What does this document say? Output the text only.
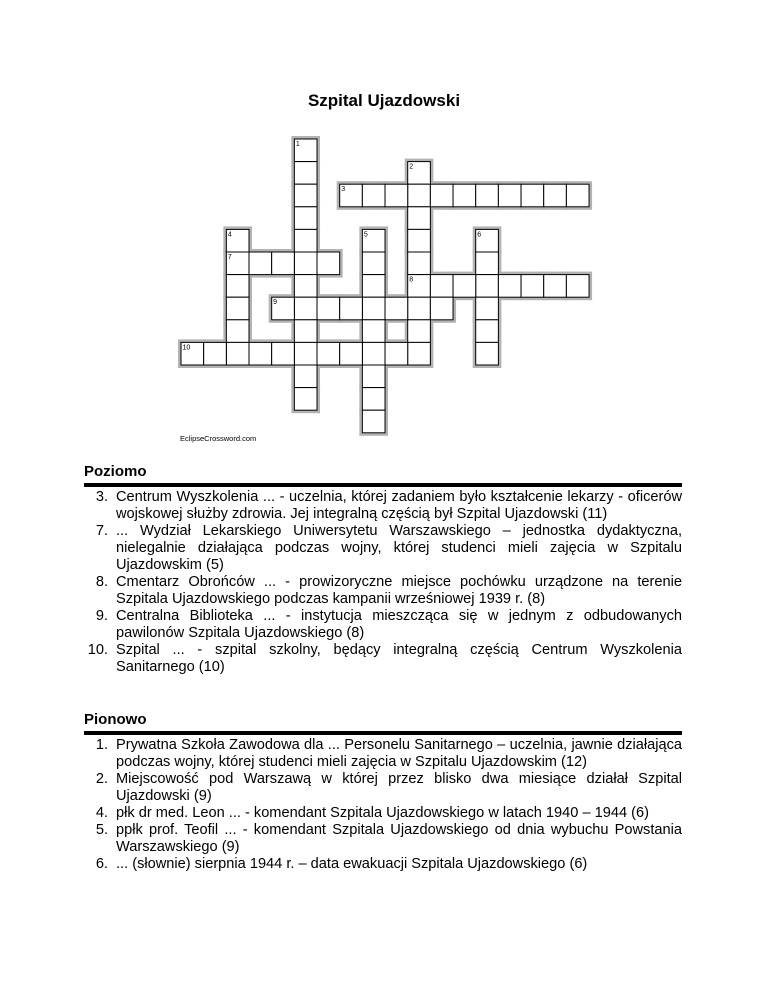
Szpital Ujazdowski
1
2
3
4	5	6
7
8
9
10
EclipseCrossword.com
Poziomo
3. Centrum Wyszkolenia ... - uczelnia, której zadaniem było kształcenie lekarzy - oficerów wojskowej służby zdrowia. Jej integralną częścią był Szpital Ujazdowski (11)
7. ... Wydział Lekarskiego Uniwersytetu Warszawskiego – jednostka dydaktyczna, nielegalnie działająca podczas wojny, której studenci mieli zajęcia w Szpitalu Ujazdowskim (5)
8. Cmentarz Obrońców ... - prowizoryczne miejsce pochówku urządzone na terenie Szpitala Ujazdowskiego podczas kampanii wrześniowej 1939 r. (8)
9. Centralna Biblioteka ... - instytucja mieszcząca się w jednym z odbudowanych pawilonów Szpitala Ujazdowskiego (8)
10. Szpital ... - szpital szkolny, będący integralną częścią Centrum Wyszkolenia Sanitarnego (10)
Pionowo
1. Prywatna Szkoła Zawodowa dla ... Personelu Sanitarnego – uczelnia, jawnie działająca podczas wojny, której studenci mieli zajęcia w Szpitalu Ujazdowskim (12)
2. Miejscowość pod Warszawą w której przez blisko dwa miesiące działał Szpital Ujazdowski (9)
4. płk dr med. Leon ... - komendant Szpitala Ujazdowskiego w latach 1940 – 1944 (6)
5. ppłk prof. Teofil ... - komendant Szpitala Ujazdowskiego od dnia wybuchu Powstania Warszawskiego (9)
6. ... (słownie) sierpnia 1944 r. – data ewakuacji Szpitala Ujazdowskiego (6)
